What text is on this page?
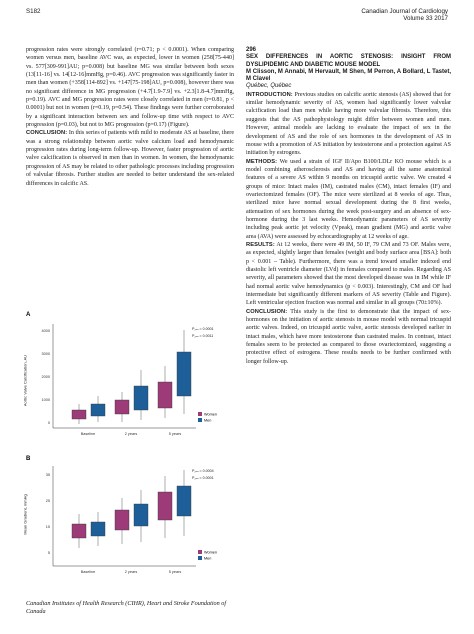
S182	Canadian Journal of Cardiology
Volume 33 2017

progression rates were strongly correlated (r=0.71; p < 0.0001). When comparing women versus men, baseline AVC was, as expected, lower in women (258[75-440] vs. 577[309-991]AU; p=0.008) but baseline MG was similar between both sexes (13[11-16] vs. 14[12-16]mmHg, p=0.46). AVC progression was significantly faster in men than women (+358[114-892] vs. +147[75-198]AU, p=0.008), however there was no significant difference in MG progression (+4.7[1.9-7.9] vs. +2.3[1.8-4.7]mmHg, p=0.19). AVC and MG progression rates were closely correlated in men (r=0.81, p < 0.0001) but not in women (r=0.19, p=0.54). These findings were further corroborated by a significant interaction between sex and follow-up time with respect to AVC progression (p=0.03), but not to MG progression (p=0.17) (Figure).

CONCLUSION: In this series of patients with mild to moderate AS at baseline, there was a strong relationship between aortic valve calcium load and hemodynamic progression rates during long-term follow-up. However, faster progression of aortic valve calcification is observed in men than in women. In women, the hemodynamic progression of AS may be related to other pathologic processes including progression of valvular fibrosis. Further studies are needed to better understand the sex-related differences in calcific AS.

A
4000
3000
2000
1000
0
Baseline	2 years	5 years
P₂ₒₐ = 0.0001
P₂ₒₐ = 0.0011
Women
Men
B
35
25
15
5
Baseline	2 years	5 years
P₂ₒₐ = 0.0004
P₂ₒₐ = 0.0001
Women
Men
Aortic Valve Calcification, AU
Mean Gradient, mmHg
Canadian Institutes of Health Research (CIHR), Heart and Stroke Foundation of Canada

296

SEX DIFFERENCES IN AORTIC STENOSIS: INSIGHT FROM DYSLIPIDEMIC AND DIABETIC MOUSE MODEL

M Clisson, M Annabi, M Hervault, M Shen, M Perron, A Bollard, L Tastet, M Clavel

Québec, Québec

INTRODUCTION: Previous studies on calcific aortic stenosis (AS) showed that for similar hemodynamic severity of AS, women had significantly lower valvular calcification load than men while having more valvular fibrosis. Therefore, this suggests that the AS pathophysiology might differ between women and men. However, animal models are lacking to evaluate the impact of sex in the development of AS and the role of sex hormones in the development of AS in mouse with a promotion of AS initiation by testosterone and a protection against AS initiation by estrogens.

METHODS: We used a strain of IGF II/Apo B100/LDLr KO mouse which is a model combining atherosclerosis and AS and having all the same anatomical features of a severe AS within 9 months on tricuspid aortic valve. We created 4 groups of mice: Intact males (IM), castrated males (CM), intact females (IF) and ovariectomized females (OF). The mice were sterilized at 8 weeks of age. Thus, sterilized mice have normal sexual development during the 8 first weeks, attenuation of sex hormones during the week post-surgery and an absence of sex-hormone during the 3 last weeks. Hemodynamic parameters of AS severity including peak aortic jet velocity (Vpeak), mean gradient (MG) and aortic valve area (AVA) were assessed by echocardiography at 12 weeks of age.

RESULTS: At 12 weeks, there were 49 IM, 50 IF, 79 CM and 73 OF. Males were, as expected, slightly larger than females (weight and body surface area [BSA]: both p < 0.001 – Table). Furthermore, there was a trend toward smaller indexed end diastolic left ventricle diameter (LVd) in females compared to males. Regarding AS severity, all parameters showed that the most developed disease was in IM while IF had normal aortic valve hemodynamics (p < 0.003). Interestingly, CM and OF had intermediate but significantly different markers of AS severity (Table and Figure). Left ventricular ejection fraction was normal and similar in all groups (70±10%).

CONCLUSION: This study is the first to demonstrate that the impact of sex-hormones on the initiation of aortic stenosis in mouse model with normal tricuspid aortic valves. Indeed, on tricuspid aortic valve, aortic stenosis developed earlier in intact males, which have more testosterone than castrated males. In contrast, intact females seem to be protected as compared to those ovariectomized, suggesting a protective effect of estrogens. These results needs to be further confirmed with longer follow-up.
